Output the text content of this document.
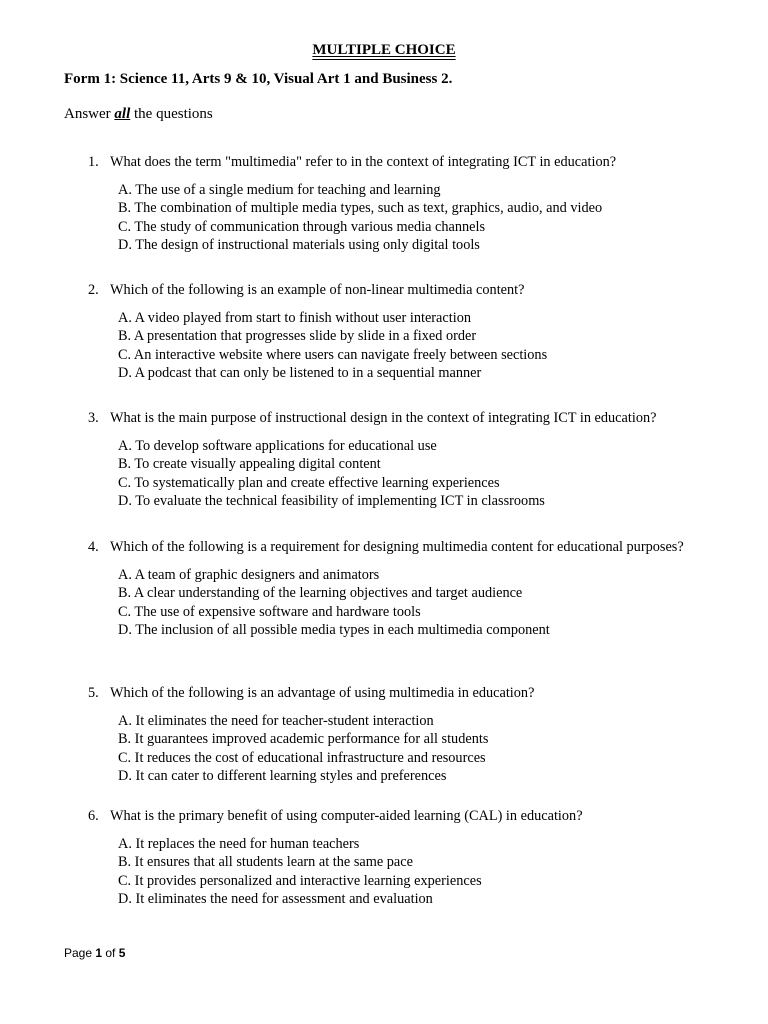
MULTIPLE CHOICE
Form 1: Science 11, Arts 9 & 10, Visual Art 1 and Business 2.
Answer all the questions
1. What does the term "multimedia" refer to in the context of integrating ICT in education?
A. The use of a single medium for teaching and learning
B. The combination of multiple media types, such as text, graphics, audio, and video
C. The study of communication through various media channels
D. The design of instructional materials using only digital tools
2. Which of the following is an example of non-linear multimedia content?
A. A video played from start to finish without user interaction
B. A presentation that progresses slide by slide in a fixed order
C. An interactive website where users can navigate freely between sections
D. A podcast that can only be listened to in a sequential manner
3. What is the main purpose of instructional design in the context of integrating ICT in education?
A. To develop software applications for educational use
B. To create visually appealing digital content
C. To systematically plan and create effective learning experiences
D. To evaluate the technical feasibility of implementing ICT in classrooms
4. Which of the following is a requirement for designing multimedia content for educational purposes?
A. A team of graphic designers and animators
B. A clear understanding of the learning objectives and target audience
C. The use of expensive software and hardware tools
D. The inclusion of all possible media types in each multimedia component
5. Which of the following is an advantage of using multimedia in education?
A. It eliminates the need for teacher-student interaction
B. It guarantees improved academic performance for all students
C. It reduces the cost of educational infrastructure and resources
D. It can cater to different learning styles and preferences
6. What is the primary benefit of using computer-aided learning (CAL) in education?
A. It replaces the need for human teachers
B. It ensures that all students learn at the same pace
C. It provides personalized and interactive learning experiences
D. It eliminates the need for assessment and evaluation
Page 1 of 5
